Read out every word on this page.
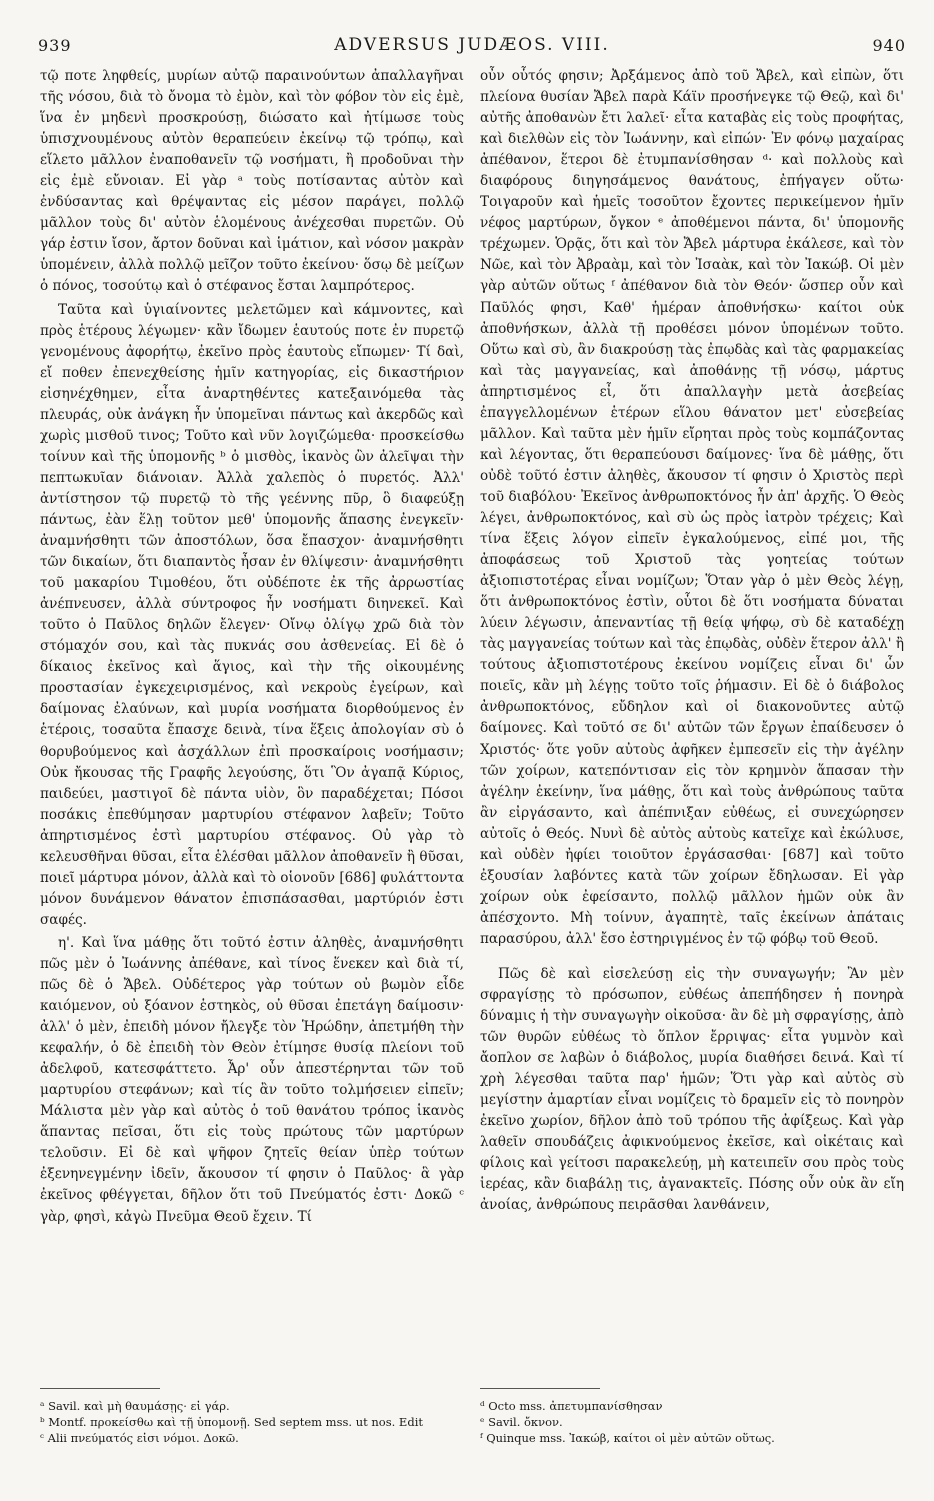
939	ADVERSUS JUDÆOS. VIII.	940

τῷ ποτε ληφθείς, μυρίων αὐτῷ παραινούντων ἀπαλλαγῆναι τῆς νόσου, διὰ τὸ ὄνομα τὸ ἐμὸν, καὶ τὸν φόβον τὸν εἰς ἐμὲ, ἵνα ἐν μηδενὶ προσκρούσῃ, διώσατο καὶ ἠτίμωσε τοὺς ὑπισχνουμένους αὐτὸν θεραπεύειν ἐκείνῳ τῷ τρόπῳ, καὶ εἵλετο μᾶλλον ἐναποθανεῖν τῷ νοσήματι, ἢ προδοῦναι τὴν εἰς ἐμὲ εὔνοιαν. Εἰ γὰρ ᵃ τοὺς ποτίσαντας αὐτὸν καὶ ἐνδύσαντας καὶ θρέψαντας εἰς μέσον παράγει, πολλῷ μᾶλλον τοὺς δι' αὐτὸν ἑλομένους ἀνέχεσθαι πυρετῶν. Οὐ γάρ ἐστιν ἴσον, ἄρτον δοῦναι καὶ ἱμάτιον, καὶ νόσον μακρὰν ὑπομένειν, ἀλλὰ πολλῷ μεῖζον τοῦτο ἐκείνου· ὅσῳ δὲ μείζων ὁ πόνος, τοσούτῳ καὶ ὁ στέφανος ἔσται λαμπρότερος.

Ταῦτα καὶ ὑγιαίνοντες μελετῶμεν καὶ κάμνοντες, καὶ πρὸς ἑτέρους λέγωμεν· κἂν ἴδωμεν ἑαυτούς ποτε ἐν πυρετῷ γενομένους ἀφορήτῳ, ἐκεῖνο πρὸς ἑαυτοὺς εἴπωμεν· Τί δαὶ, εἴ ποθεν ἐπενεχθείσης ἡμῖν κατηγορίας, εἰς δικαστήριον εἰσηνέχθημεν, εἶτα ἀναρτηθέντες κατεξαινόμεθα τὰς πλευράς, οὐκ ἀνάγκη ἦν ὑπομεῖναι πάντως καὶ ἀκερδῶς καὶ χωρὶς μισθοῦ τινος; Τοῦτο καὶ νῦν λογιζώμεθα· προσκείσθω τοίνυν καὶ τῆς ὑπομονῆς ᵇ ὁ μισθὸς, ἱκανὸς ὢν ἀλεῖψαι τὴν πεπτωκυῖαν διάνοιαν. Ἀλλὰ χαλεπὸς ὁ πυρετός. Ἀλλ' ἀντίστησον τῷ πυρετῷ τὸ τῆς γεέννης πῦρ, ὃ διαφεύξῃ πάντως, ἐὰν ἕλῃ τοῦτον μεθ' ὑπομονῆς ἅπασης ἐνεγκεῖν· ἀναμνήσθητι τῶν ἀποστόλων, ὅσα ἔπασχον· ἀναμνήσθητι τῶν δικαίων, ὅτι διαπαντὸς ἦσαν ἐν θλίψεσιν· ἀναμνήσθητι τοῦ μακαρίου Τιμοθέου, ὅτι οὐδέποτε ἐκ τῆς ἀρρωστίας ἀνέπνευσεν, ἀλλὰ σύντροφος ἦν νοσήματι διηνεκεῖ. Καὶ τοῦτο ὁ Παῦλος δηλῶν ἔλεγεν· Οἴνῳ ὀλίγῳ χρῶ διὰ τὸν στόμαχόν σου, καὶ τὰς πυκνάς σου ἀσθενείας. Εἰ δὲ ὁ δίκαιος ἐκεῖνος καὶ ἅγιος, καὶ τὴν τῆς οἰκουμένης προστασίαν ἐγκεχειρισμένος, καὶ νεκροὺς ἐγείρων, καὶ δαίμονας ἐλαύνων, καὶ μυρία νοσήματα διορθούμενος ἐν ἑτέροις, τοσαῦτα ἔπασχε δεινὰ, τίνα ἕξεις ἀπολογίαν σὺ ὁ θορυβούμενος καὶ ἀσχάλλων ἐπὶ προσκαίροις νοσήμασιν; Οὐκ ἤκουσας τῆς Γραφῆς λεγούσης, ὅτι Ὃν ἀγαπᾷ Κύριος, παιδεύει, μαστιγοῖ δὲ πάντα υἱὸν, ὃν παραδέχεται; Πόσοι ποσάκις ἐπεθύμησαν μαρτυρίου στέφανον λαβεῖν; Τοῦτο ἀπηρτισμένος ἐστὶ μαρτυρίου στέφανος. Οὐ γὰρ τὸ κελευσθῆναι θῦσαι, εἶτα ἑλέσθαι μᾶλλον ἀποθανεῖν ἢ θῦσαι, ποιεῖ μάρτυρα μόνον, ἀλλὰ καὶ τὸ οἱονοῦν [686] φυλάττοντα μόνον δυνάμενον θάνατον ἐπισπάσασθαι, μαρτύριόν ἐστι σαφές.

η'. Καὶ ἵνα μάθῃς ὅτι τοῦτό ἐστιν ἀληθὲς, ἀναμνήσθητι πῶς μὲν ὁ Ἰωάννης ἀπέθανε, καὶ τίνος ἕνεκεν καὶ διὰ τί, πῶς δὲ ὁ Ἄβελ. Οὐδέτερος γὰρ τούτων οὐ βωμὸν εἶδε καιόμενον, οὐ ξόανον ἑστηκὸς, οὐ θῦσαι ἐπετάγη δαίμοσιν· ἀλλ' ὁ μὲν, ἐπειδὴ μόνον ἤλεγξε τὸν Ἡρώδην, ἀπετμήθη τὴν κεφαλήν, ὁ δὲ ἐπειδὴ τὸν Θεὸν ἐτίμησε θυσίᾳ πλείονι τοῦ ἀδελφοῦ, κατεσφάττετο. Ἆρ' οὖν ἀπεστέρηνται τῶν τοῦ μαρτυρίου στεφάνων; καὶ τίς ἂν τοῦτο τολμήσειεν εἰπεῖν; Μάλιστα μὲν γὰρ καὶ αὐτὸς ὁ τοῦ θανάτου τρόπος ἱκανὸς ἅπαντας πεῖσαι, ὅτι εἰς τοὺς πρώτους τῶν μαρτύρων τελοῦσιν. Εἰ δὲ καὶ ψῆφον ζητεῖς θείαν ὑπὲρ τούτων ἐξενηνεγμένην ἰδεῖν, ἄκουσον τί φησιν ὁ Παῦλος· ἃ γὰρ ἐκεῖνος φθέγγεται, δῆλον ὅτι τοῦ Πνεύματός ἐστι· Δοκῶ ᶜ γὰρ, φησὶ, κἀγὼ Πνεῦμα Θεοῦ ἔχειν. Τί

οὖν οὗτός φησιν; Ἀρξάμενος ἀπὸ τοῦ Ἄβελ, καὶ εἰπὼν, ὅτι πλείονα θυσίαν Ἄβελ παρὰ Κάϊν προσήνεγκε τῷ Θεῷ, καὶ δι' αὐτῆς ἀποθανὼν ἔτι λαλεῖ· εἶτα καταβὰς εἰς τοὺς προφήτας, καὶ διελθὼν εἰς τὸν Ἰωάννην, καὶ εἰπών· Ἐν φόνῳ μαχαίρας ἀπέθανον, ἕτεροι δὲ ἐτυμπανίσθησαν ᵈ· καὶ πολλοὺς καὶ διαφόρους διηγησάμενος θανάτους, ἐπήγαγεν οὕτω· Τοιγαροῦν καὶ ἡμεῖς τοσοῦτον ἔχοντες περικείμενον ἡμῖν νέφος μαρτύρων, ὄγκον ᵉ ἀποθέμενοι πάντα, δι' ὑπομονῆς τρέχωμεν. Ὁρᾷς, ὅτι καὶ τὸν Ἄβελ μάρτυρα ἐκάλεσε, καὶ τὸν Νῶε, καὶ τὸν Ἀβραὰμ, καὶ τὸν Ἰσαὰκ, καὶ τὸν Ἰακώβ. Οἱ μὲν γὰρ αὐτῶν οὕτως ᶠ ἀπέθανον διὰ τὸν Θεόν· ὥσπερ οὖν καὶ Παῦλός φησι, Καθ' ἡμέραν ἀποθνήσκω· καίτοι οὐκ ἀποθνήσκων, ἀλλὰ τῇ προθέσει μόνον ὑπομένων τοῦτο. Οὕτω καὶ σὺ, ἂν διακρούσῃ τὰς ἐπῳδὰς καὶ τὰς φαρμακείας καὶ τὰς μαγγανείας, καὶ ἀποθάνῃς τῇ νόσῳ, μάρτυς ἀπηρτισμένος εἶ, ὅτι ἀπαλλαγὴν μετὰ ἀσεβείας ἐπαγγελλομένων ἑτέρων εἵλου θάνατον μετ' εὐσεβείας μᾶλλον. Καὶ ταῦτα μὲν ἡμῖν εἴρηται πρὸς τοὺς κομπάζοντας καὶ λέγοντας, ὅτι θεραπεύουσι δαίμονες· ἵνα δὲ μάθῃς, ὅτι οὐδὲ τοῦτό ἐστιν ἀληθὲς, ἄκουσον τί φησιν ὁ Χριστὸς περὶ τοῦ διαβόλου· Ἐκεῖνος ἀνθρωποκτόνος ἦν ἀπ' ἀρχῆς. Ὁ Θεὸς λέγει, ἀνθρωποκτόνος, καὶ σὺ ὡς πρὸς ἰατρὸν τρέχεις; Καὶ τίνα ἕξεις λόγον εἰπεῖν ἐγκαλούμενος, εἰπέ μοι, τῆς ἀποφάσεως τοῦ Χριστοῦ τὰς γοητείας τούτων ἀξιοπιστοτέρας εἶναι νομίζων; Ὅταν γὰρ ὁ μὲν Θεὸς λέγῃ, ὅτι ἀνθρωποκτόνος ἐστὶν, οὗτοι δὲ ὅτι νοσήματα δύναται λύειν λέγωσιν, ἀπεναντίας τῇ θείᾳ ψήφῳ, σὺ δὲ καταδέχῃ τὰς μαγγανείας τούτων καὶ τὰς ἐπῳδὰς, οὐδὲν ἕτερον ἀλλ' ἢ τούτους ἀξιοπιστοτέρους ἐκείνου νομίζεις εἶναι δι' ὧν ποιεῖς, κἂν μὴ λέγῃς τοῦτο τοῖς ῥήμασιν. Εἰ δὲ ὁ διάβολος ἀνθρωποκτόνος, εὔδηλον καὶ οἱ διακονοῦντες αὐτῷ δαίμονες. Καὶ τοῦτό σε δι' αὐτῶν τῶν ἔργων ἐπαίδευσεν ὁ Χριστός· ὅτε γοῦν αὐτοὺς ἀφῆκεν ἐμπεσεῖν εἰς τὴν ἀγέλην τῶν χοίρων, κατεπόντισαν εἰς τὸν κρημνὸν ἅπασαν τὴν ἀγέλην ἐκείνην, ἵνα μάθῃς, ὅτι καὶ τοὺς ἀνθρώπους ταῦτα ἂν εἰργάσαντο, καὶ ἀπέπνιξαν εὐθέως, εἰ συνεχώρησεν αὐτοῖς ὁ Θεός. Νυνὶ δὲ αὐτὸς αὐτοὺς κατεῖχε καὶ ἐκώλυσε, καὶ οὐδὲν ἠφίει τοιοῦτον ἐργάσασθαι· [687] καὶ τοῦτο ἐξουσίαν λαβόντες κατὰ τῶν χοίρων ἔδηλωσαν. Εἰ γὰρ χοίρων οὐκ ἐφείσαντο, πολλῷ μᾶλλον ἡμῶν οὐκ ἂν ἀπέσχοντο. Μὴ τοίνυν, ἀγαπητὲ, ταῖς ἐκείνων ἀπάταις παρασύρου, ἀλλ' ἔσο ἐστηριγμένος ἐν τῷ φόβῳ τοῦ Θεοῦ.

Πῶς δὲ καὶ εἰσελεύσῃ εἰς τὴν συναγωγήν; Ἂν μὲν σφραγίσῃς τὸ πρόσωπον, εὐθέως ἀπεπήδησεν ἡ πονηρὰ δύναμις ἡ τὴν συναγωγὴν οἰκοῦσα· ἂν δὲ μὴ σφραγίσῃς, ἀπὸ τῶν θυρῶν εὐθέως τὸ ὅπλον ἔρριψας· εἶτα γυμνὸν καὶ ἄοπλον σε λαβὼν ὁ διάβολος, μυρία διαθήσει δεινά. Καὶ τί χρὴ λέγεσθαι ταῦτα παρ' ἡμῶν; Ὅτι γὰρ καὶ αὐτὸς σὺ μεγίστην ἁμαρτίαν εἶναι νομίζεις τὸ δραμεῖν εἰς τὸ πονηρὸν ἐκεῖνο χωρίον, δῆλον ἀπὸ τοῦ τρόπου τῆς ἀφίξεως. Καὶ γὰρ λαθεῖν σπουδάζεις ἀφικνούμενος ἐκεῖσε, καὶ οἰκέταις καὶ φίλοις καὶ γείτοσι παρακελεύῃ, μὴ κατειπεῖν σου πρὸς τοὺς ἱερέας, κἂν διαβάλῃ τις, ἀγανακτεῖς. Πόσης οὖν οὐκ ἂν εἴη ἀνοίας, ἀνθρώπους πειρᾶσθαι λανθάνειν,

ᵃ Savil. καὶ μὴ θαυμάσῃς· εἰ γάρ.
ᵇ Montf. προκείσθω καὶ τῇ ὑπομονῇ. Sed septem mss. ut nos. Edit
ᶜ Alii πνεύματός εἰσι νόμοι. Δοκῶ.
ᵈ Octo mss. ἀπετυμπανίσθησαν
ᵉ Savil. ὄκνον.
ᶠ Quinque mss. Ἰακώβ, καίτοι οἱ μὲν αὐτῶν οὕτως.
